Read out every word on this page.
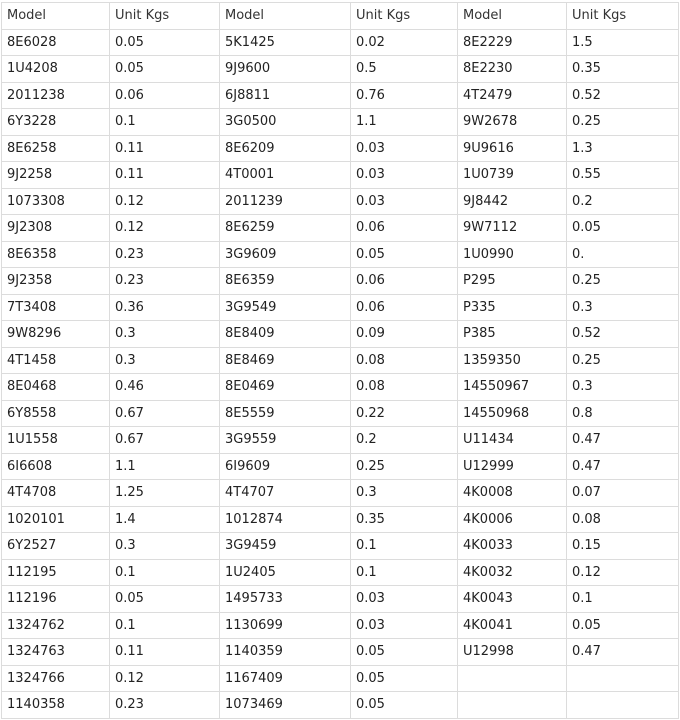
Model	Unit Kgs	Model	Unit Kgs	Model	Unit Kgs
8E6028	0.05	5K1425	0.02	8E2229	1.5
1U4208	0.05	9J9600	0.5	8E2230	0.35
2011238	0.06	6J8811	0.76	4T2479	0.52
6Y3228	0.1	3G0500	1.1	9W2678	0.25
8E6258	0.11	8E6209	0.03	9U9616	1.3
9J2258	0.11	4T0001	0.03	1U0739	0.55
1073308	0.12	2011239	0.03	9J8442	0.2
9J2308	0.12	8E6259	0.06	9W7112	0.05
8E6358	0.23	3G9609	0.05	1U0990	0.
9J2358	0.23	8E6359	0.06	P295	0.25
7T3408	0.36	3G9549	0.06	P335	0.3
9W8296	0.3	8E8409	0.09	P385	0.52
4T1458	0.3	8E8469	0.08	1359350	0.25
8E0468	0.46	8E0469	0.08	14550967	0.3
6Y8558	0.67	8E5559	0.22	14550968	0.8
1U1558	0.67	3G9559	0.2	U11434	0.47
6I6608	1.1	6I9609	0.25	U12999	0.47
4T4708	1.25	4T4707	0.3	4K0008	0.07
1020101	1.4	1012874	0.35	4K0006	0.08
6Y2527	0.3	3G9459	0.1	4K0033	0.15
112195	0.1	1U2405	0.1	4K0032	0.12
112196	0.05	1495733	0.03	4K0043	0.1
1324762	0.1	1130699	0.03	4K0041	0.05
1324763	0.11	1140359	0.05	U12998	0.47
1324766	0.12	1167409	0.05		
1140358	0.23	1073469	0.05		
